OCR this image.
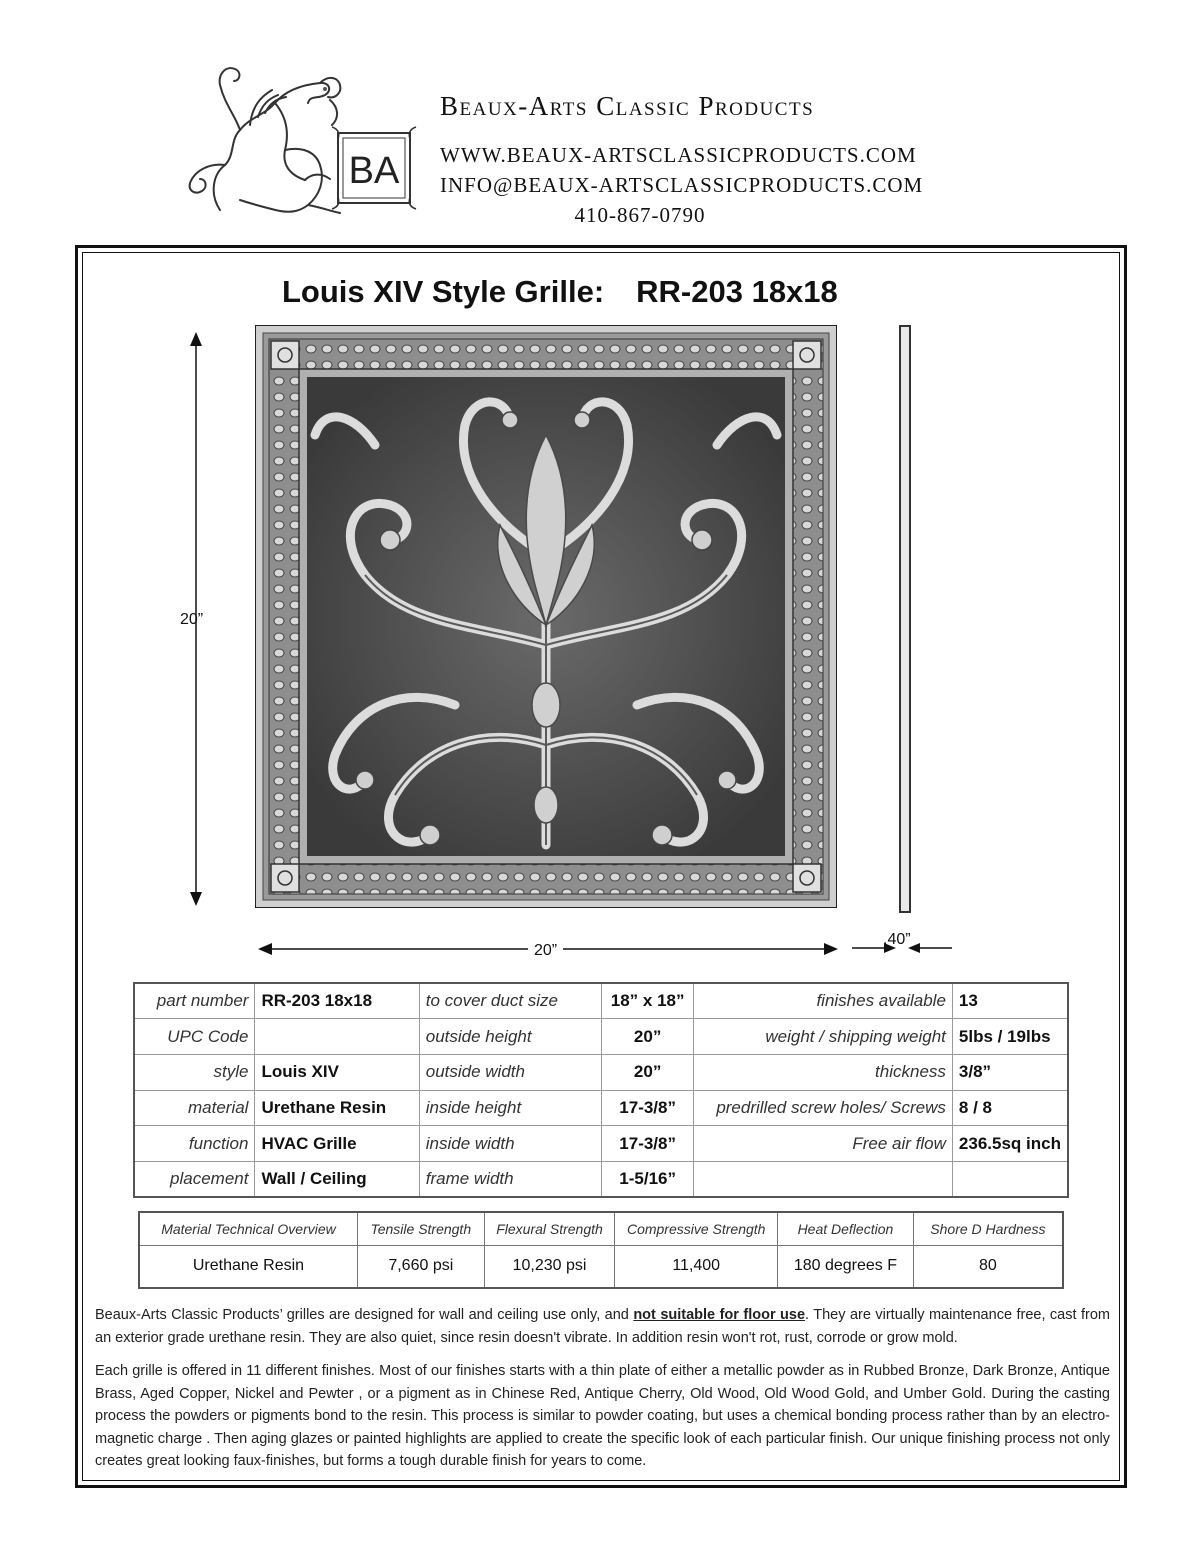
BA
Beaux-Arts Classic Products
WWW.BEAUX-ARTSCLASSICPRODUCTS.COM
INFO@BEAUX-ARTSCLASSICPRODUCTS.COM
410-867-0790
Louis XIV Style Grille: RR-203 18x18
20”
20”
.40”
part number	RR-203 18x18	to cover duct size	18” x 18”	finishes available	13
UPC Code		outside height	20”	weight / shipping weight	5lbs / 19lbs
style	Louis XIV	outside width	20”	thickness	3/8”
material	Urethane Resin	inside height	17-3/8”	predrilled screw holes/ Screws	8 / 8
function	HVAC Grille	inside width	17-3/8”	Free air flow	236.5sq inch
placement	Wall / Ceiling	frame width	1-5/16”		
Material Technical Overview	Tensile Strength	Flexural Strength	Compressive Strength	Heat Deflection	Shore D Hardness
Urethane Resin	7,660 psi	10,230 psi	11,400	180 degrees F	80

Beaux-Arts Classic Products’ grilles are designed for wall and ceiling use only, and not suitable for floor use. They are virtually maintenance free, cast from an exterior grade urethane resin. They are also quiet, since resin doesn't vibrate. In addition resin won't rot, rust, corrode or grow mold.

Each grille is offered in 11 different finishes. Most of our finishes starts with a thin plate of either a metallic powder as in Rubbed Bronze, Dark Bronze, Antique Brass, Aged Copper, Nickel and Pewter , or a pigment as in Chinese Red, Antique Cherry, Old Wood, Old Wood Gold, and Umber Gold. During the casting process the powders or pigments bond to the resin. This process is similar to powder coating, but uses a chemical bonding process rather than by an electro-magnetic charge . Then aging glazes or painted highlights are applied to create the specific look of each particular finish. Our unique finishing process not only creates great looking faux-finishes, but forms a tough durable finish for years to come.
